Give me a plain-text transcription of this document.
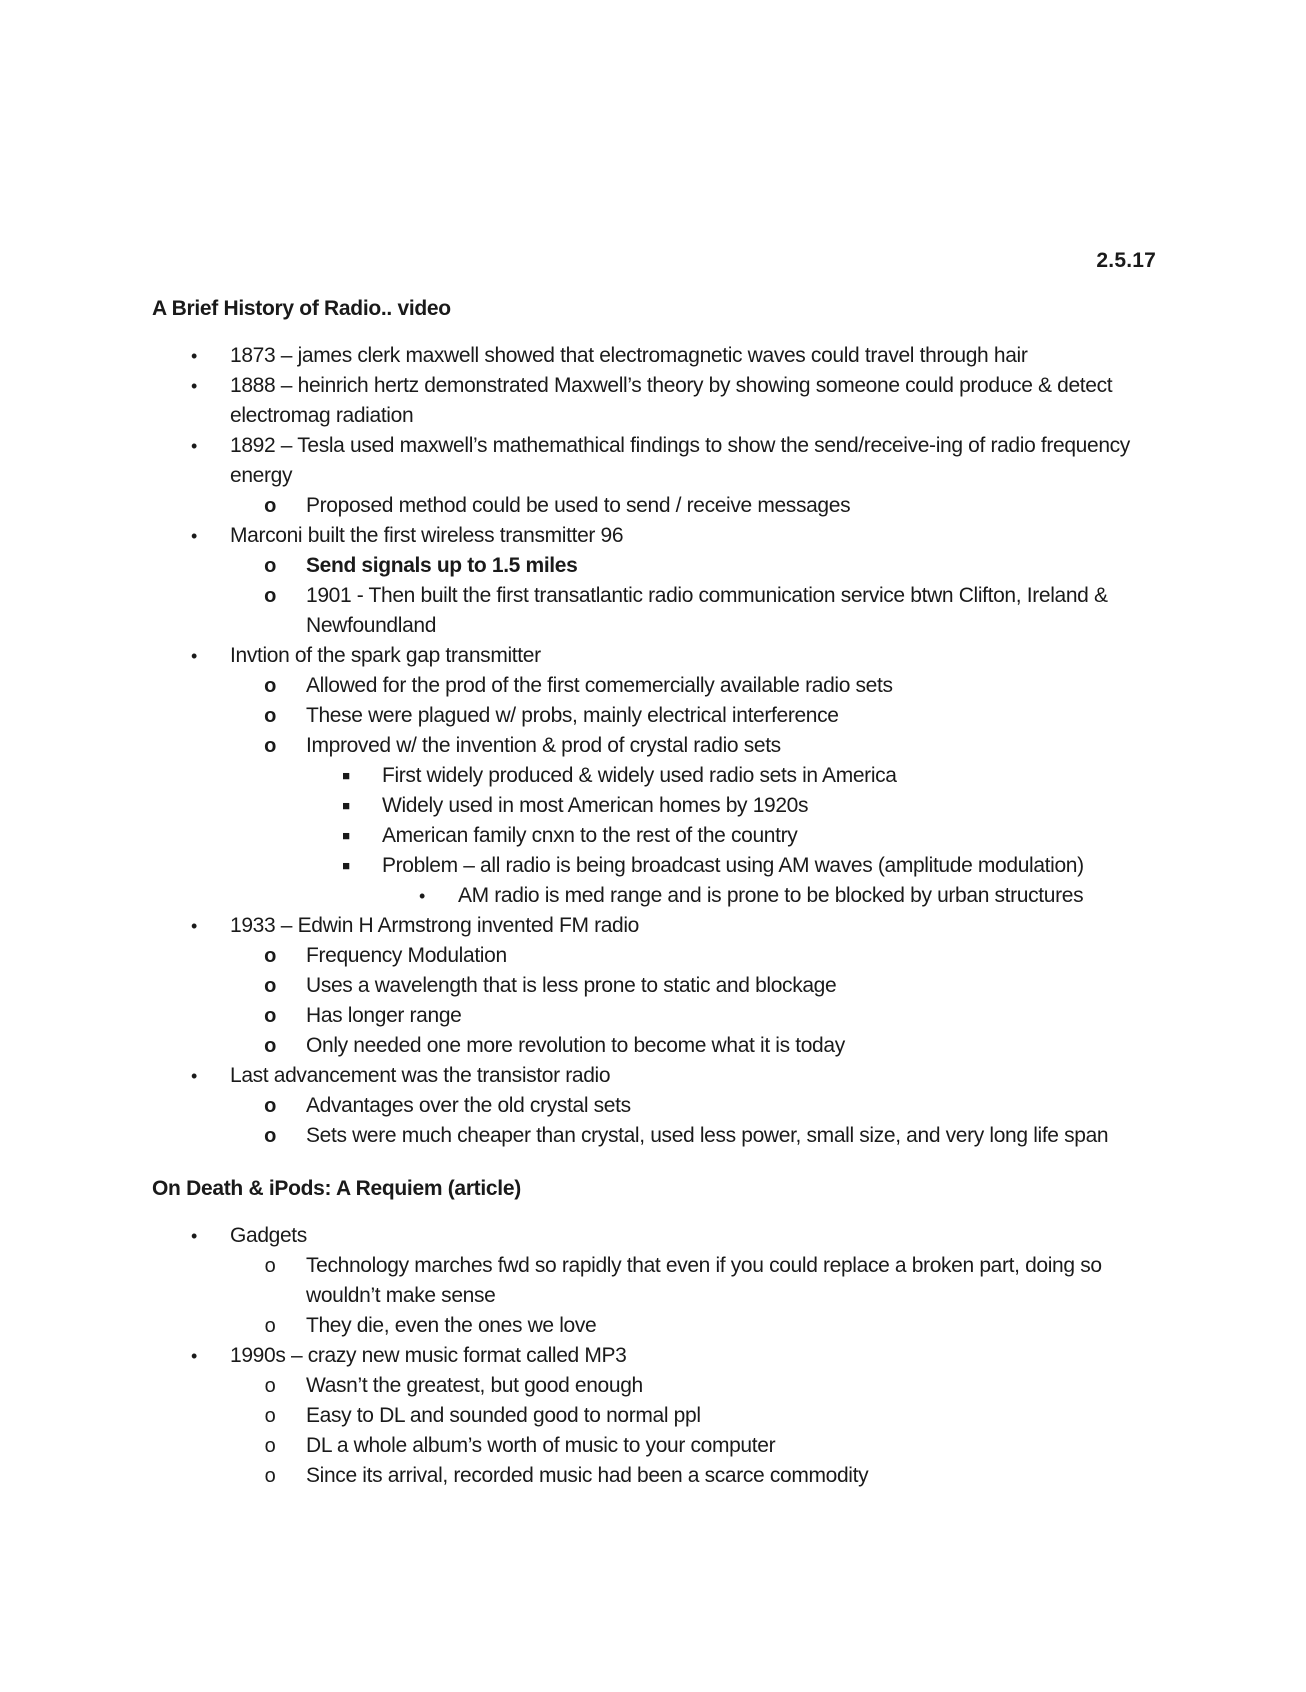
2.5.17
A Brief History of Radio.. video
•	1873 – james clerk maxwell showed that electromagnetic waves could travel through hair
•	1888 – heinrich hertz demonstrated Maxwell’s theory by showing someone could produce & detect electromag radiation
•	1892 – Tesla used maxwell’s mathemathical findings to show the send/receive-ing of radio frequency energy
o Proposed method could be used to send / receive messages
•	Marconi built the first wireless transmitter 96
o Send signals up to 1.5 miles
o 1901 - Then built the first transatlantic radio communication service btwn Clifton, Ireland & Newfoundland
•	Invtion of the spark gap transmitter
o Allowed for the prod of the first comemercially available radio sets
o These were plagued w/ probs, mainly electrical interference
o Improved w/ the invention & prod of crystal radio sets
■ First widely produced & widely used radio sets in America
■ Widely used in most American homes by 1920s
■ American family cnxn to the rest of the country
■ Problem – all radio is being broadcast using AM waves (amplitude modulation)
•	AM radio is med range and is prone to be blocked by urban structures
•	1933 – Edwin H Armstrong invented FM radio
o Frequency Modulation
o Uses a wavelength that is less prone to static and blockage
o Has longer range
o Only needed one more revolution to become what it is today
•	Last advancement was the transistor radio
o Advantages over the old crystal sets
o Sets were much cheaper than crystal, used less power, small size, and very long life span
On Death & iPods: A Requiem (article)
•	Gadgets
o Technology marches fwd so rapidly that even if you could replace a broken part, doing so wouldn’t make sense
o They die, even the ones we love
•	1990s – crazy new music format called MP3
o Wasn’t the greatest, but good enough
o Easy to DL and sounded good to normal ppl
o DL a whole album’s worth of music to your computer
o Since its arrival, recorded music had been a scarce commodity
